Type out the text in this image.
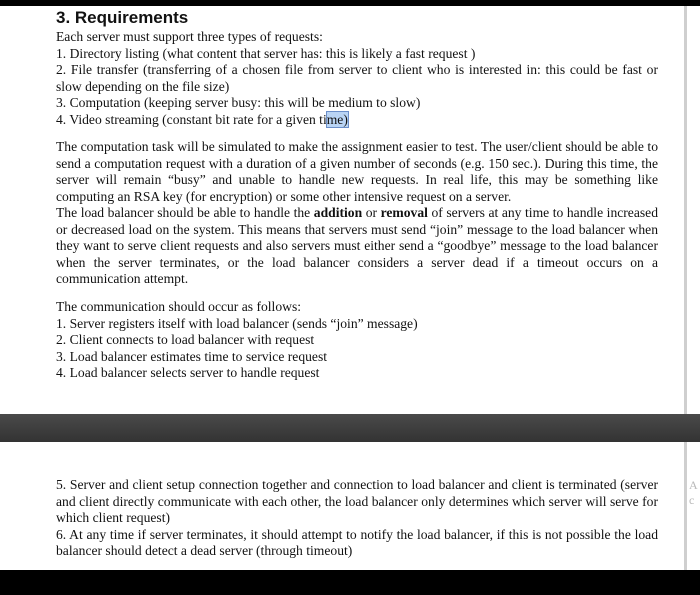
A
c
3. Requirements

Each server must support three types of requests:
1. Directory listing (what content that server has: this is likely a fast request )
2. File transfer (transferring of a chosen file from server to client who is interested in: this could be fast or slow depending on the file size)
3. Computation (keeping server busy: this will be medium to slow)
4. Video streaming (constant bit rate for a given time)

The computation task will be simulated to make the assignment easier to test. The user/client should be able to send a computation request with a duration of a given number of seconds (e.g. 150 sec.). During this time, the server will remain “busy” and unable to handle new requests. In real life, this may be something like computing an RSA key (for encryption) or some other intensive request on a server.

The load balancer should be able to handle the addition or removal of servers at any time to handle increased or decreased load on the system. This means that servers must send “join” message to the load balancer when they want to serve client requests and also servers must either send a “goodbye” message to the load balancer when the server terminates, or the load balancer considers a server dead if a timeout occurs on a communication attempt.

The communication should occur as follows:
1. Server registers itself with load balancer (sends “join” message)
2. Client connects to load balancer with request
3. Load balancer estimates time to service request
4. Load balancer selects server to handle request

5. Server and client setup connection together and connection to load balancer and client is terminated (server and client directly communicate with each other, the load balancer only determines which server will serve for which client request)

6. At any time if server terminates, it should attempt to notify the load balancer, if this is not possible the load balancer should detect a dead server (through timeout)
